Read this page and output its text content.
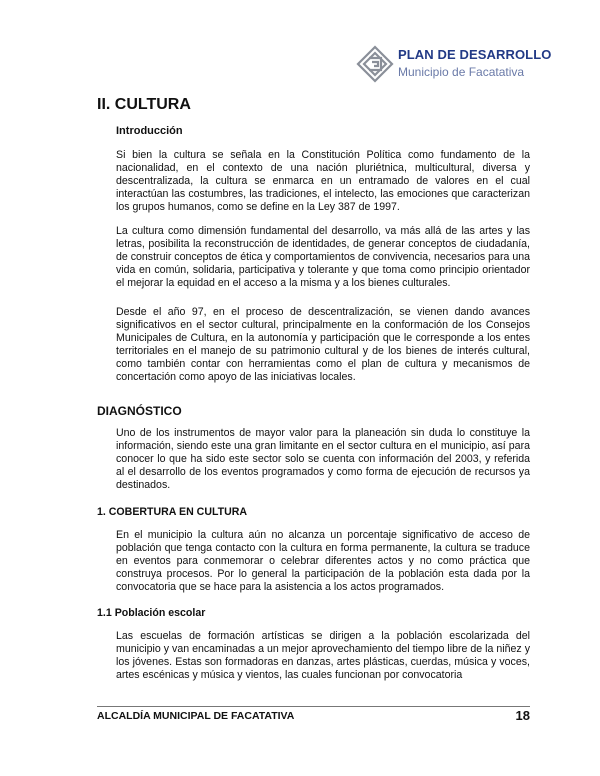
PLAN DE DESARROLLO
Municipio de Facatativa
II. CULTURA
Introducción

Si bien la cultura se señala en la Constitución Política como fundamento de la nacionalidad, en el contexto de una nación pluriétnica, multicultural, diversa y descentralizada, la cultura se enmarca en un entramado de valores en el cual interactúan las costumbres, las tradiciones, el intelecto, las emociones que caracterizan los grupos humanos, como se define en la Ley 387 de 1997.

La cultura como dimensión fundamental del desarrollo, va más allá de las artes y las letras, posibilita la reconstrucción de identidades, de generar conceptos de ciudadanía, de construir conceptos de ética y comportamientos de convivencia, necesarios para una vida en común, solidaria, participativa y tolerante y que toma como principio orientador el mejorar la equidad en el acceso a la misma y a los bienes culturales.

Desde el año 97, en el proceso de descentralización, se vienen dando avances significativos en el sector cultural, principalmente en la conformación de los Consejos Municipales de Cultura, en la autonomía y participación que le corresponde a los entes territoriales en el manejo de su patrimonio cultural y de los bienes de interés cultural, como también contar con herramientas como el plan de cultura y mecanismos de concertación como apoyo de las iniciativas locales.

DIAGNÓSTICO

Uno de los instrumentos de mayor valor para la planeación sin duda lo constituye la información, siendo este una gran limitante en el sector cultura en el municipio, así para conocer lo que ha sido este sector solo se cuenta con información del 2003, y referida al el desarrollo de los eventos programados y como forma de ejecución de recursos ya destinados.

1. COBERTURA EN CULTURA

En el municipio la cultura aún no alcanza un porcentaje significativo de acceso de población que tenga contacto con la cultura en forma permanente, la cultura se traduce en eventos para conmemorar o celebrar diferentes actos y no como práctica que construya procesos. Por lo general la participación de la población esta dada por la convocatoria que se hace para la asistencia a los actos programados.

1.1 Población escolar

Las escuelas de formación artísticas se dirigen a la población escolarizada del municipio y van encaminadas a un mejor aprovechamiento del tiempo libre de la niñez y los jóvenes. Estas son formadoras en danzas, artes plásticas, cuerdas, música y voces, artes escénicas y música y vientos, las cuales funcionan por convocatoria

ALCALDÍA MUNICIPAL DE FACATATIVA	18
